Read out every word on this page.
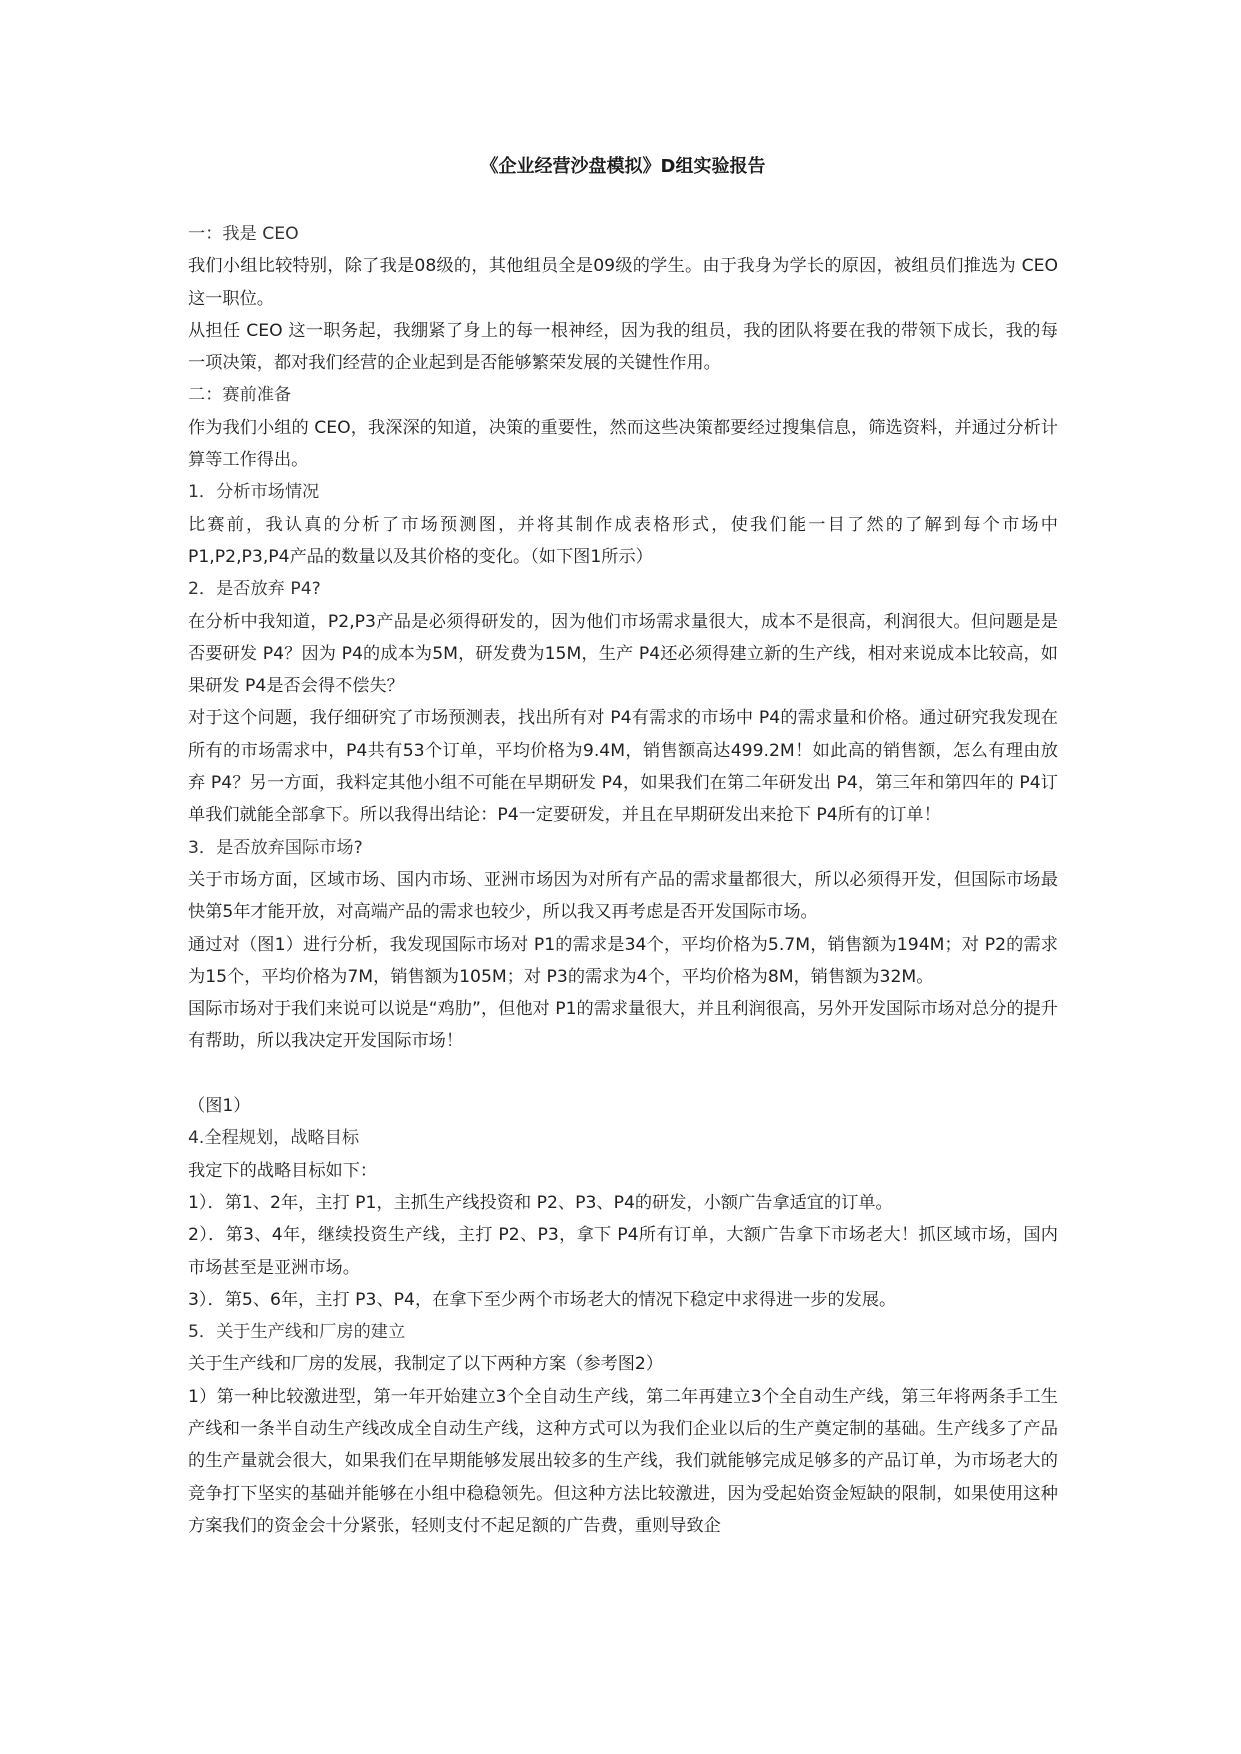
《企业经营沙盘模拟》D组实验报告

一：我是 CEO

我们小组比较特别，除了我是08级的，其他组员全是09级的学生。由于我身为学长的原因，被组员们推选为 CEO 这一职位。

从担任 CEO 这一职务起，我绷紧了身上的每一根神经，因为我的组员，我的团队将要在我的带领下成长，我的每一项决策，都对我们经营的企业起到是否能够繁荣发展的关键性作用。

二：赛前准备

作为我们小组的 CEO，我深深的知道，决策的重要性，然而这些决策都要经过搜集信息，筛选资料，并通过分析计算等工作得出。

1．分析市场情况

比赛前，我认真的分析了市场预测图，并将其制作成表格形式，使我们能一目了然的了解到每个市场中P1,P2,P3,P4产品的数量以及其价格的变化。（如下图1所示）

2．是否放弃 P4?

在分析中我知道，P2,P3产品是必须得研发的，因为他们市场需求量很大，成本不是很高，利润很大。但问题是是否要研发 P4？因为 P4的成本为5M，研发费为15M，生产 P4还必须得建立新的生产线，相对来说成本比较高，如果研发 P4是否会得不偿失？

对于这个问题，我仔细研究了市场预测表，找出所有对 P4有需求的市场中 P4的需求量和价格。通过研究我发现在所有的市场需求中，P4共有53个订单，平均价格为9.4M，销售额高达499.2M！如此高的销售额，怎么有理由放弃 P4？另一方面，我料定其他小组不可能在早期研发 P4，如果我们在第二年研发出 P4，第三年和第四年的 P4订单我们就能全部拿下。所以我得出结论：P4一定要研发，并且在早期研发出来抢下 P4所有的订单！

3．是否放弃国际市场?

关于市场方面，区域市场、国内市场、亚洲市场因为对所有产品的需求量都很大，所以必须得开发，但国际市场最快第5年才能开放，对高端产品的需求也较少，所以我又再考虑是否开发国际市场。

通过对（图1）进行分析，我发现国际市场对 P1的需求是34个，平均价格为5.7M，销售额为194M；对 P2的需求为15个，平均价格为7M，销售额为105M；对 P3的需求为4个，平均价格为8M，销售额为32M。

国际市场对于我们来说可以说是“鸡肋”，但他对 P1的需求量很大，并且利润很高，另外开发国际市场对总分的提升有帮助，所以我决定开发国际市场！

（图1）

4.全程规划，战略目标

我定下的战略目标如下：

1）．第1、2年，主打 P1，主抓生产线投资和 P2、P3、P4的研发，小额广告拿适宜的订单。

2）．第3、4年，继续投资生产线，主打 P2、P3，拿下 P4所有订单，大额广告拿下市场老大！抓区域市场，国内市场甚至是亚洲市场。

3）．第5、6年，主打 P3、P4，在拿下至少两个市场老大的情况下稳定中求得进一步的发展。

5．关于生产线和厂房的建立

关于生产线和厂房的发展，我制定了以下两种方案（参考图2）

1）第一种比较激进型，第一年开始建立3个全自动生产线，第二年再建立3个全自动生产线，第三年将两条手工生产线和一条半自动生产线改成全自动生产线，这种方式可以为我们企业以后的生产奠定制的基础。生产线多了产品的生产量就会很大，如果我们在早期能够发展出较多的生产线，我们就能够完成足够多的产品订单，为市场老大的竞争打下坚实的基础并能够在小组中稳稳领先。但这种方法比较激进，因为受起始资金短缺的限制，如果使用这种方案我们的资金会十分紧张，轻则支付不起足额的广告费，重则导致企
